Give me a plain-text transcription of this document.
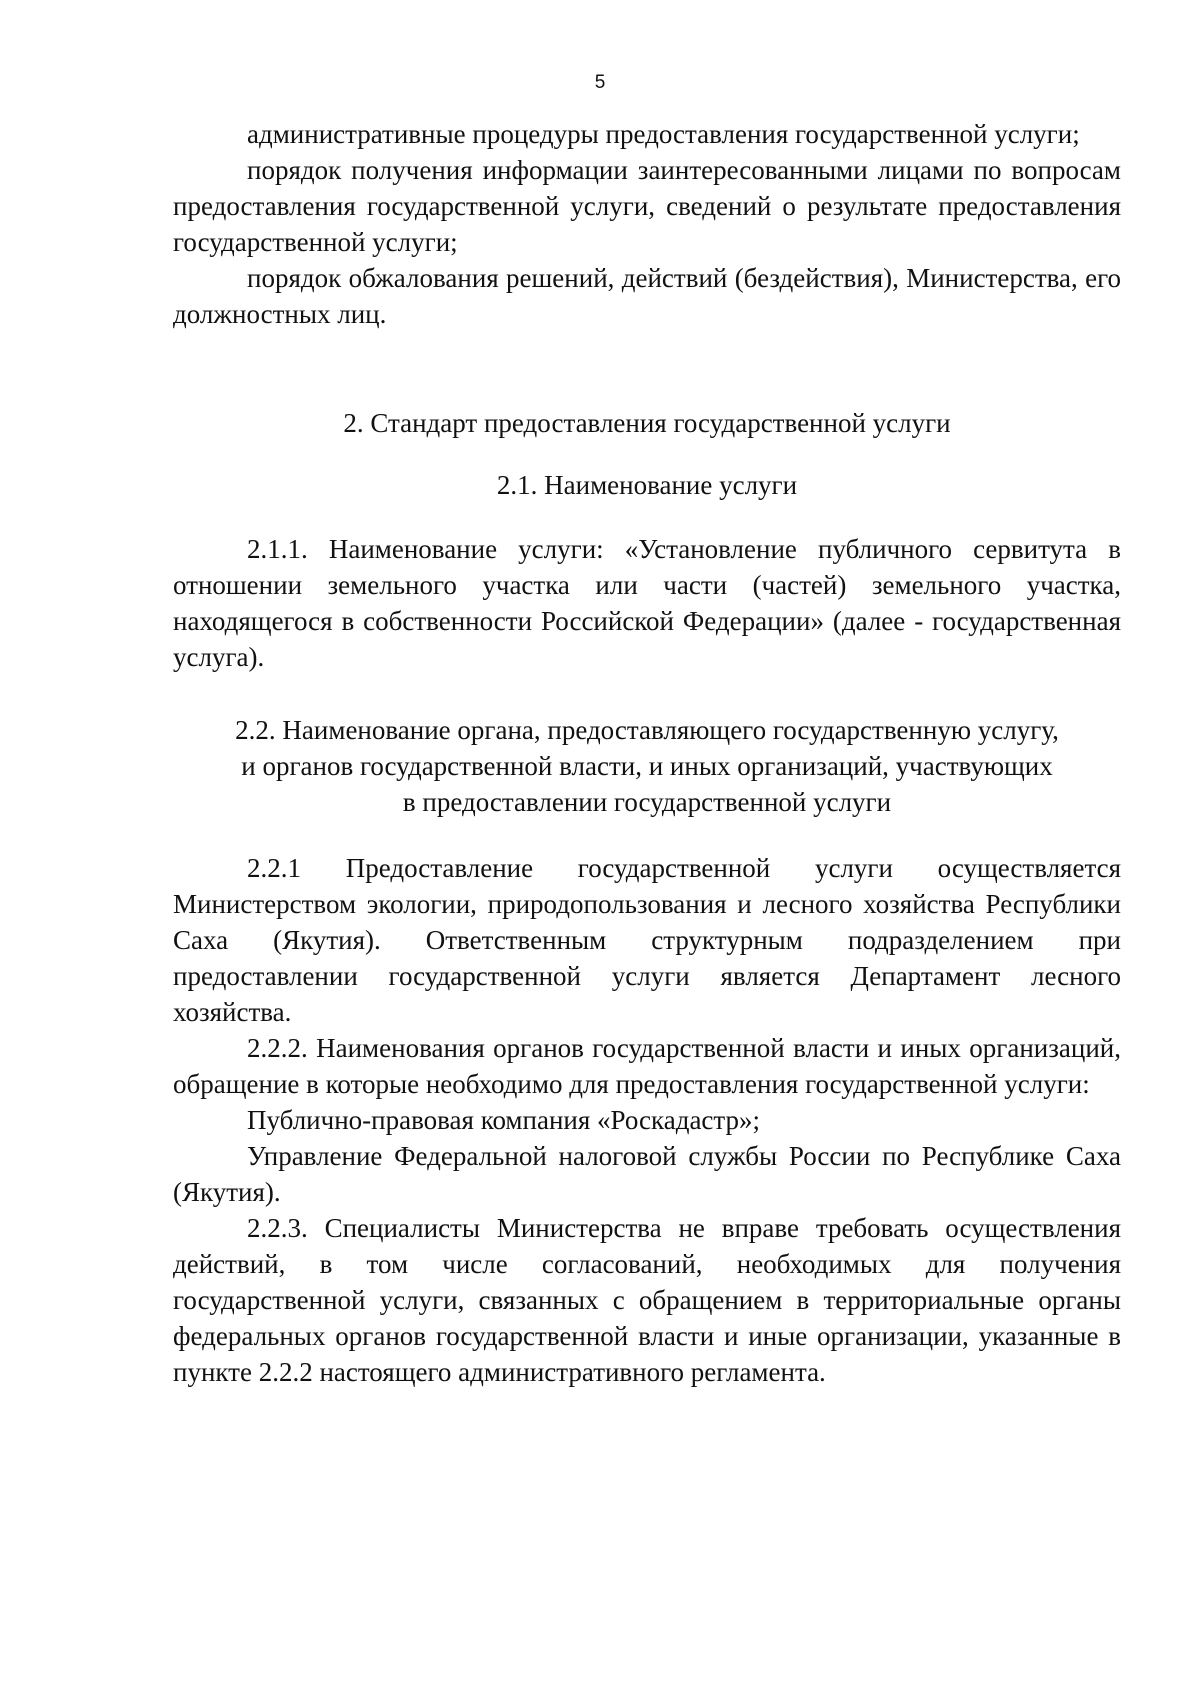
5

административные процедуры предоставления государственной услуги;

порядок получения информации заинтересованными лицами по вопросам предоставления государственной услуги, сведений о результате предоставления государственной услуги;

порядок обжалования решений, действий (бездействия), Министерства, его должностных лиц.

2. Стандарт предоставления государственной услуги
2.1. Наименование услуги

2.1.1. Наименование услуги: «Установление публичного сервитута в отношении земельного участка или части (частей) земельного участка, находящегося в собственности Российской Федерации» (далее - государственная услуга).

2.2. Наименование органа, предоставляющего государственную услугу,
и органов государственной власти, и иных организаций, участвующих
в предоставлении государственной услуги

2.2.1 Предоставление государственной услуги осуществляется Министерством экологии, природопользования и лесного хозяйства Республики Саха (Якутия). Ответственным структурным подразделением при предоставлении государственной услуги является Департамент лесного хозяйства.

2.2.2. Наименования органов государственной власти и иных организаций, обращение в которые необходимо для предоставления государственной услуги:

Публично-правовая компания «Роскадастр»;

Управление Федеральной налоговой службы России по Республике Саха (Якутия).

2.2.3. Специалисты Министерства не вправе требовать осуществления действий, в том числе согласований, необходимых для получения государственной услуги, связанных с обращением в территориальные органы федеральных органов государственной власти и иные организации, указанные в пункте 2.2.2 настоящего административного регламента.
